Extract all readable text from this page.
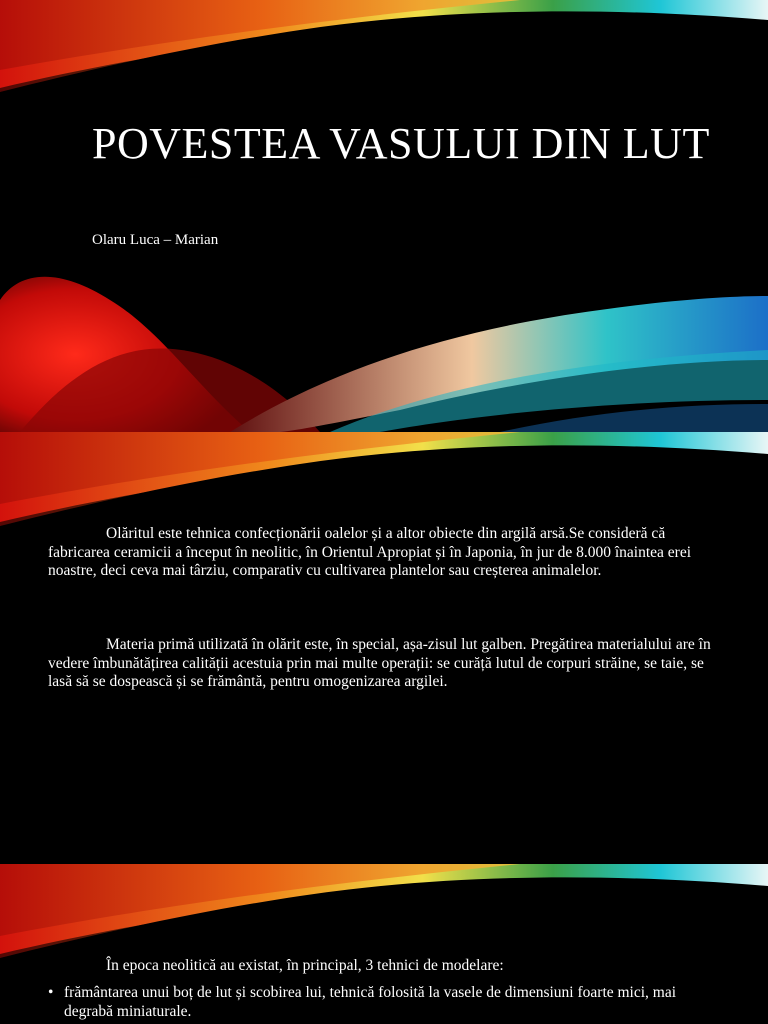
POVESTEA VASULUI DIN LUT

Olaru Luca – Marian

Olăritul este tehnica confecționării oalelor și a altor obiecte din argilă arsă.Se consideră că fabricarea ceramicii a început în neolitic, în Orientul Apropiat și în Japonia, în jur de 8.000 înaintea erei noastre, deci ceva mai târziu, comparativ cu cultivarea plantelor sau creșterea animalelor.

Materia primă utilizată în olărit este, în special, așa-zisul lut galben. Pregătirea materialului are în vedere îmbunătățirea calității acestuia prin mai multe operații: se curăță lutul de corpuri străine, se taie, se lasă să se dospească și se frământă, pentru omogenizarea argilei.

În epoca neolitică au existat, în principal, 3 tehnici de modelare:

• frământarea unui boț de lut și scobirea lui, tehnică folosită la vasele de dimensiuni foarte mici, mai degrabă miniaturale.
